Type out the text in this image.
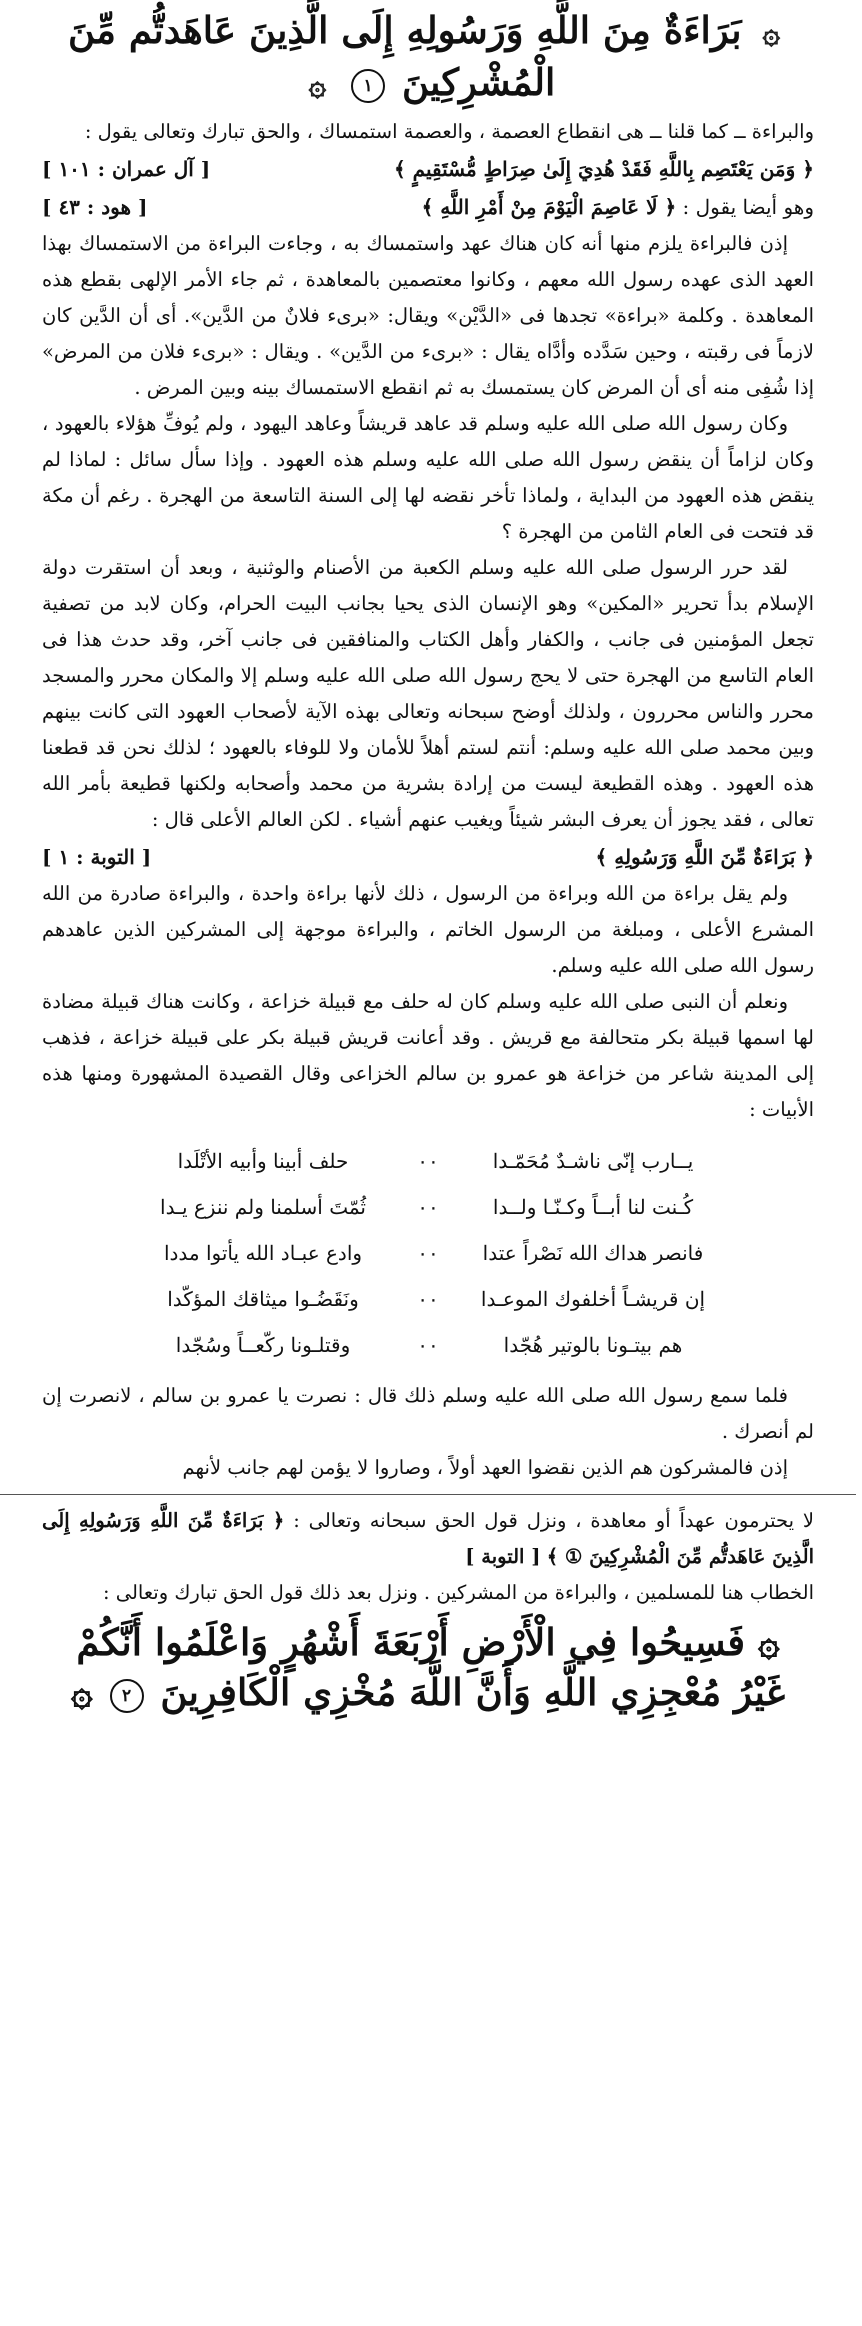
۞ بَرَاءَةٌ مِنَ اللَّهِ وَرَسُولِهِ إِلَى الَّذِينَ عَاهَدتُّم مِّنَ
الْمُشْرِكِينَ ١ ۞

والبراءة ــ كما قلنا ــ هى انقطاع العصمة ، والعصمة استمساك ، والحق تبارك وتعالى يقول :

﴿ وَمَن يَعْتَصِم بِاللَّهِ فَقَدْ هُدِيَ إِلَىٰ صِرَاطٍ مُّسْتَقِيمٍ ﴾
[ آل عمران : ١٠١ ]
وهو أيضا يقول : ﴿ لَا عَاصِمَ الْيَوْمَ مِنْ أَمْرِ اللَّهِ ﴾
[ هود : ٤٣ ]

إذن فالبراءة يلزم منها أنه كان هناك عهد واستمساك به ، وجاءت البراءة من الاستمساك بهذا العهد الذى عهده رسول الله معهم ، وكانوا معتصمين بالمعاهدة ، ثم جاء الأمر الإلهى بقطع هذه المعاهدة . وكلمة «براءة» تجدها فى «الدَّيْن» ويقال: «برىء فلانٌ من الدَّين». أى أن الدَّين كان لازماً فى رقبته ، وحين سَدَّده وأدَّاه يقال : «برىء من الدَّين» . ويقال : «برىء فلان من المرض» إذا شُفِى منه أى أن المرض كان يستمسك به ثم انقطع الاستمساك بينه وبين المرض .

وكان رسول الله صلى الله عليه وسلم قد عاهد قريشاً وعاهد اليهود ، ولم يُوفِّ هؤلاء بالعهود ، وكان لزاماً أن ينقض رسول الله صلى الله عليه وسلم هذه العهود . وإذا سأل سائل : لماذا لم ينقض هذه العهود من البداية ، ولماذا تأخر نقضه لها إلى السنة التاسعة من الهجرة . رغم أن مكة قد فتحت فى العام الثامن من الهجرة ؟

لقد حرر الرسول صلى الله عليه وسلم الكعبة من الأصنام والوثنية ، وبعد أن استقرت دولة الإسلام بدأ تحرير «المكين» وهو الإنسان الذى يحيا بجانب البيت الحرام، وكان لابد من تصفية تجعل المؤمنين فى جانب ، والكفار وأهل الكتاب والمنافقين فى جانب آخر، وقد حدث هذا فى العام التاسع من الهجرة حتى لا يحج رسول الله صلى الله عليه وسلم إلا والمكان محرر والمسجد محرر والناس محررون ، ولذلك أوضح سبحانه وتعالى بهذه الآية لأصحاب العهود التى كانت بينهم وبين محمد صلى الله عليه وسلم: أنتم لستم أهلاً للأمان ولا للوفاء بالعهود ؛ لذلك نحن قد قطعنا هذه العهود . وهذه القطيعة ليست من إرادة بشرية من محمد وأصحابه ولكنها قطيعة بأمر الله تعالى ، فقد يجوز أن يعرف البشر شيئاً ويغيب عنهم أشياء . لكن العالم الأعلى قال :

﴿ بَرَاءَةٌ مِّنَ اللَّهِ وَرَسُولِهِ ﴾
[ التوبة : ١ ]

ولم يقل براءة من الله وبراءة من الرسول ، ذلك لأنها براءة واحدة ، والبراءة صادرة من الله المشرع الأعلى ، ومبلغة من الرسول الخاتم ، والبراءة موجهة إلى المشركين الذين عاهدهم رسول الله صلى الله عليه وسلم.

ونعلم أن النبى صلى الله عليه وسلم كان له حلف مع قبيلة خزاعة ، وكانت هناك قبيلة مضادة لها اسمها قبيلة بكر متحالفة مع قريش . وقد أعانت قريش قبيلة بكر على قبيلة خزاعة ، فذهب إلى المدينة شاعر من خزاعة هو عمرو بن سالم الخزاعى وقال القصيدة المشهورة ومنها هذه الأبيات :

يــارب إنّى ناشـدٌ مُحَمّـدا
٠٠
حلف أبينا وأبيه الأتْلَدا
كُـنت لنا أبــاً وكـنّـا ولــدا
٠٠
ثُمّتَ أسلمنا ولم ننزع يـدا
فانصر هداك الله نَصْراً عتدا
٠٠
وادع عبـاد الله يأتوا مددا
إن قريشـاً أخلفوك الموعـدا
٠٠
ونَقَضُـوا ميثاقك المؤكّدا
هم بيتـونا بالوتير هُجّدا
٠٠
وقتلـونا ركّعــاً وسُجّدا

فلما سمع رسول الله صلى الله عليه وسلم ذلك قال : نصرت يا عمرو بن سالم ، لانصرت إن لم أنصرك .

إذن فالمشركون هم الذين نقضوا العهد أولاً ، وصاروا لا يؤمن لهم جانب لأنهم

لا يحترمون عهداً أو معاهدة ، ونزل قول الحق سبحانه وتعالى : ﴿ بَرَاءَةٌ مِّنَ اللَّهِ وَرَسُولِهِ إِلَى الَّذِينَ عَاهَدتُّم مِّنَ الْمُشْرِكِينَ ① ﴾ [ التوبة ]

الخطاب هنا للمسلمين ، والبراءة من المشركين . ونزل بعد ذلك قول الحق تبارك وتعالى :

۞ فَسِيحُوا فِي الْأَرْضِ أَرْبَعَةَ أَشْهُرٍ وَاعْلَمُوا أَنَّكُمْ
غَيْرُ مُعْجِزِي اللَّهِ وَأَنَّ اللَّهَ مُخْزِي الْكَافِرِينَ ٢ ۞
